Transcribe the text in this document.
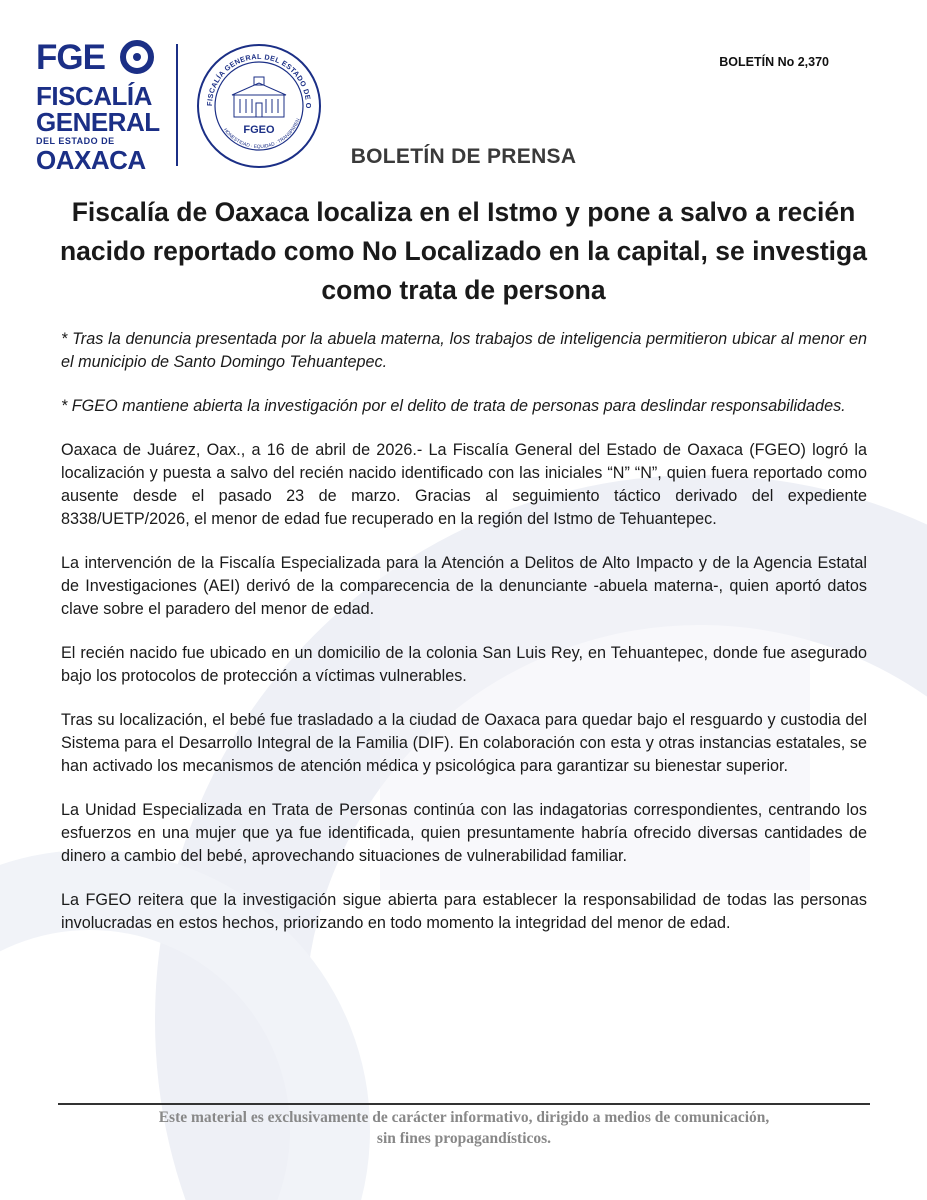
FGE
FISCALÍA
GENERAL
DEL ESTADO DE
OAXACA
FISCALÍA GENERAL DEL ESTADO DE O
HONESTIDAD · EQUIDAD · TRANSPAREN
FGEO
BOLETÍN No 2,370
BOLETÍN DE PRENSA
Fiscalía de Oaxaca localiza en el Istmo y pone a salvo a recién nacido reportado como No Localizado en la capital, se investiga como trata de persona

* Tras la denuncia presentada por la abuela materna, los trabajos de inteligencia permitieron ubicar al menor en el municipio de Santo Domingo Tehuantepec.

* FGEO mantiene abierta la investigación por el delito de trata de personas para deslindar responsabilidades.

Oaxaca de Juárez, Oax., a 16 de abril de 2026.- La Fiscalía General del Estado de Oaxaca (FGEO) logró la localización y puesta a salvo del recién nacido identificado con las iniciales “N” “N”, quien fuera reportado como ausente desde el pasado 23 de marzo. Gracias al seguimiento táctico derivado del expediente 8338/UETP/2026, el menor de edad fue recuperado en la región del Istmo de Tehuantepec.

La intervención de la Fiscalía Especializada para la Atención a Delitos de Alto Impacto y de la Agencia Estatal de Investigaciones (AEI) derivó de la comparecencia de la denunciante -abuela materna-, quien aportó datos clave sobre el paradero del menor de edad.

El recién nacido fue ubicado en un domicilio de la colonia San Luis Rey, en Tehuantepec, donde fue asegurado bajo los protocolos de protección a víctimas vulnerables.

Tras su localización, el bebé fue trasladado a la ciudad de Oaxaca para quedar bajo el resguardo y custodia del Sistema para el Desarrollo Integral de la Familia (DIF). En colaboración con esta y otras instancias estatales, se han activado los mecanismos de atención médica y psicológica para garantizar su bienestar superior.

La Unidad Especializada en Trata de Personas continúa con las indagatorias correspondientes, centrando los esfuerzos en una mujer que ya fue identificada, quien presuntamente habría ofrecido diversas cantidades de dinero a cambio del bebé, aprovechando situaciones de vulnerabilidad familiar.

La FGEO reitera que la investigación sigue abierta para establecer la responsabilidad de todas las personas involucradas en estos hechos, priorizando en todo momento la integridad del menor de edad.

Este material es exclusivamente de carácter informativo, dirigido a medios de comunicación,
sin fines propagandísticos.
